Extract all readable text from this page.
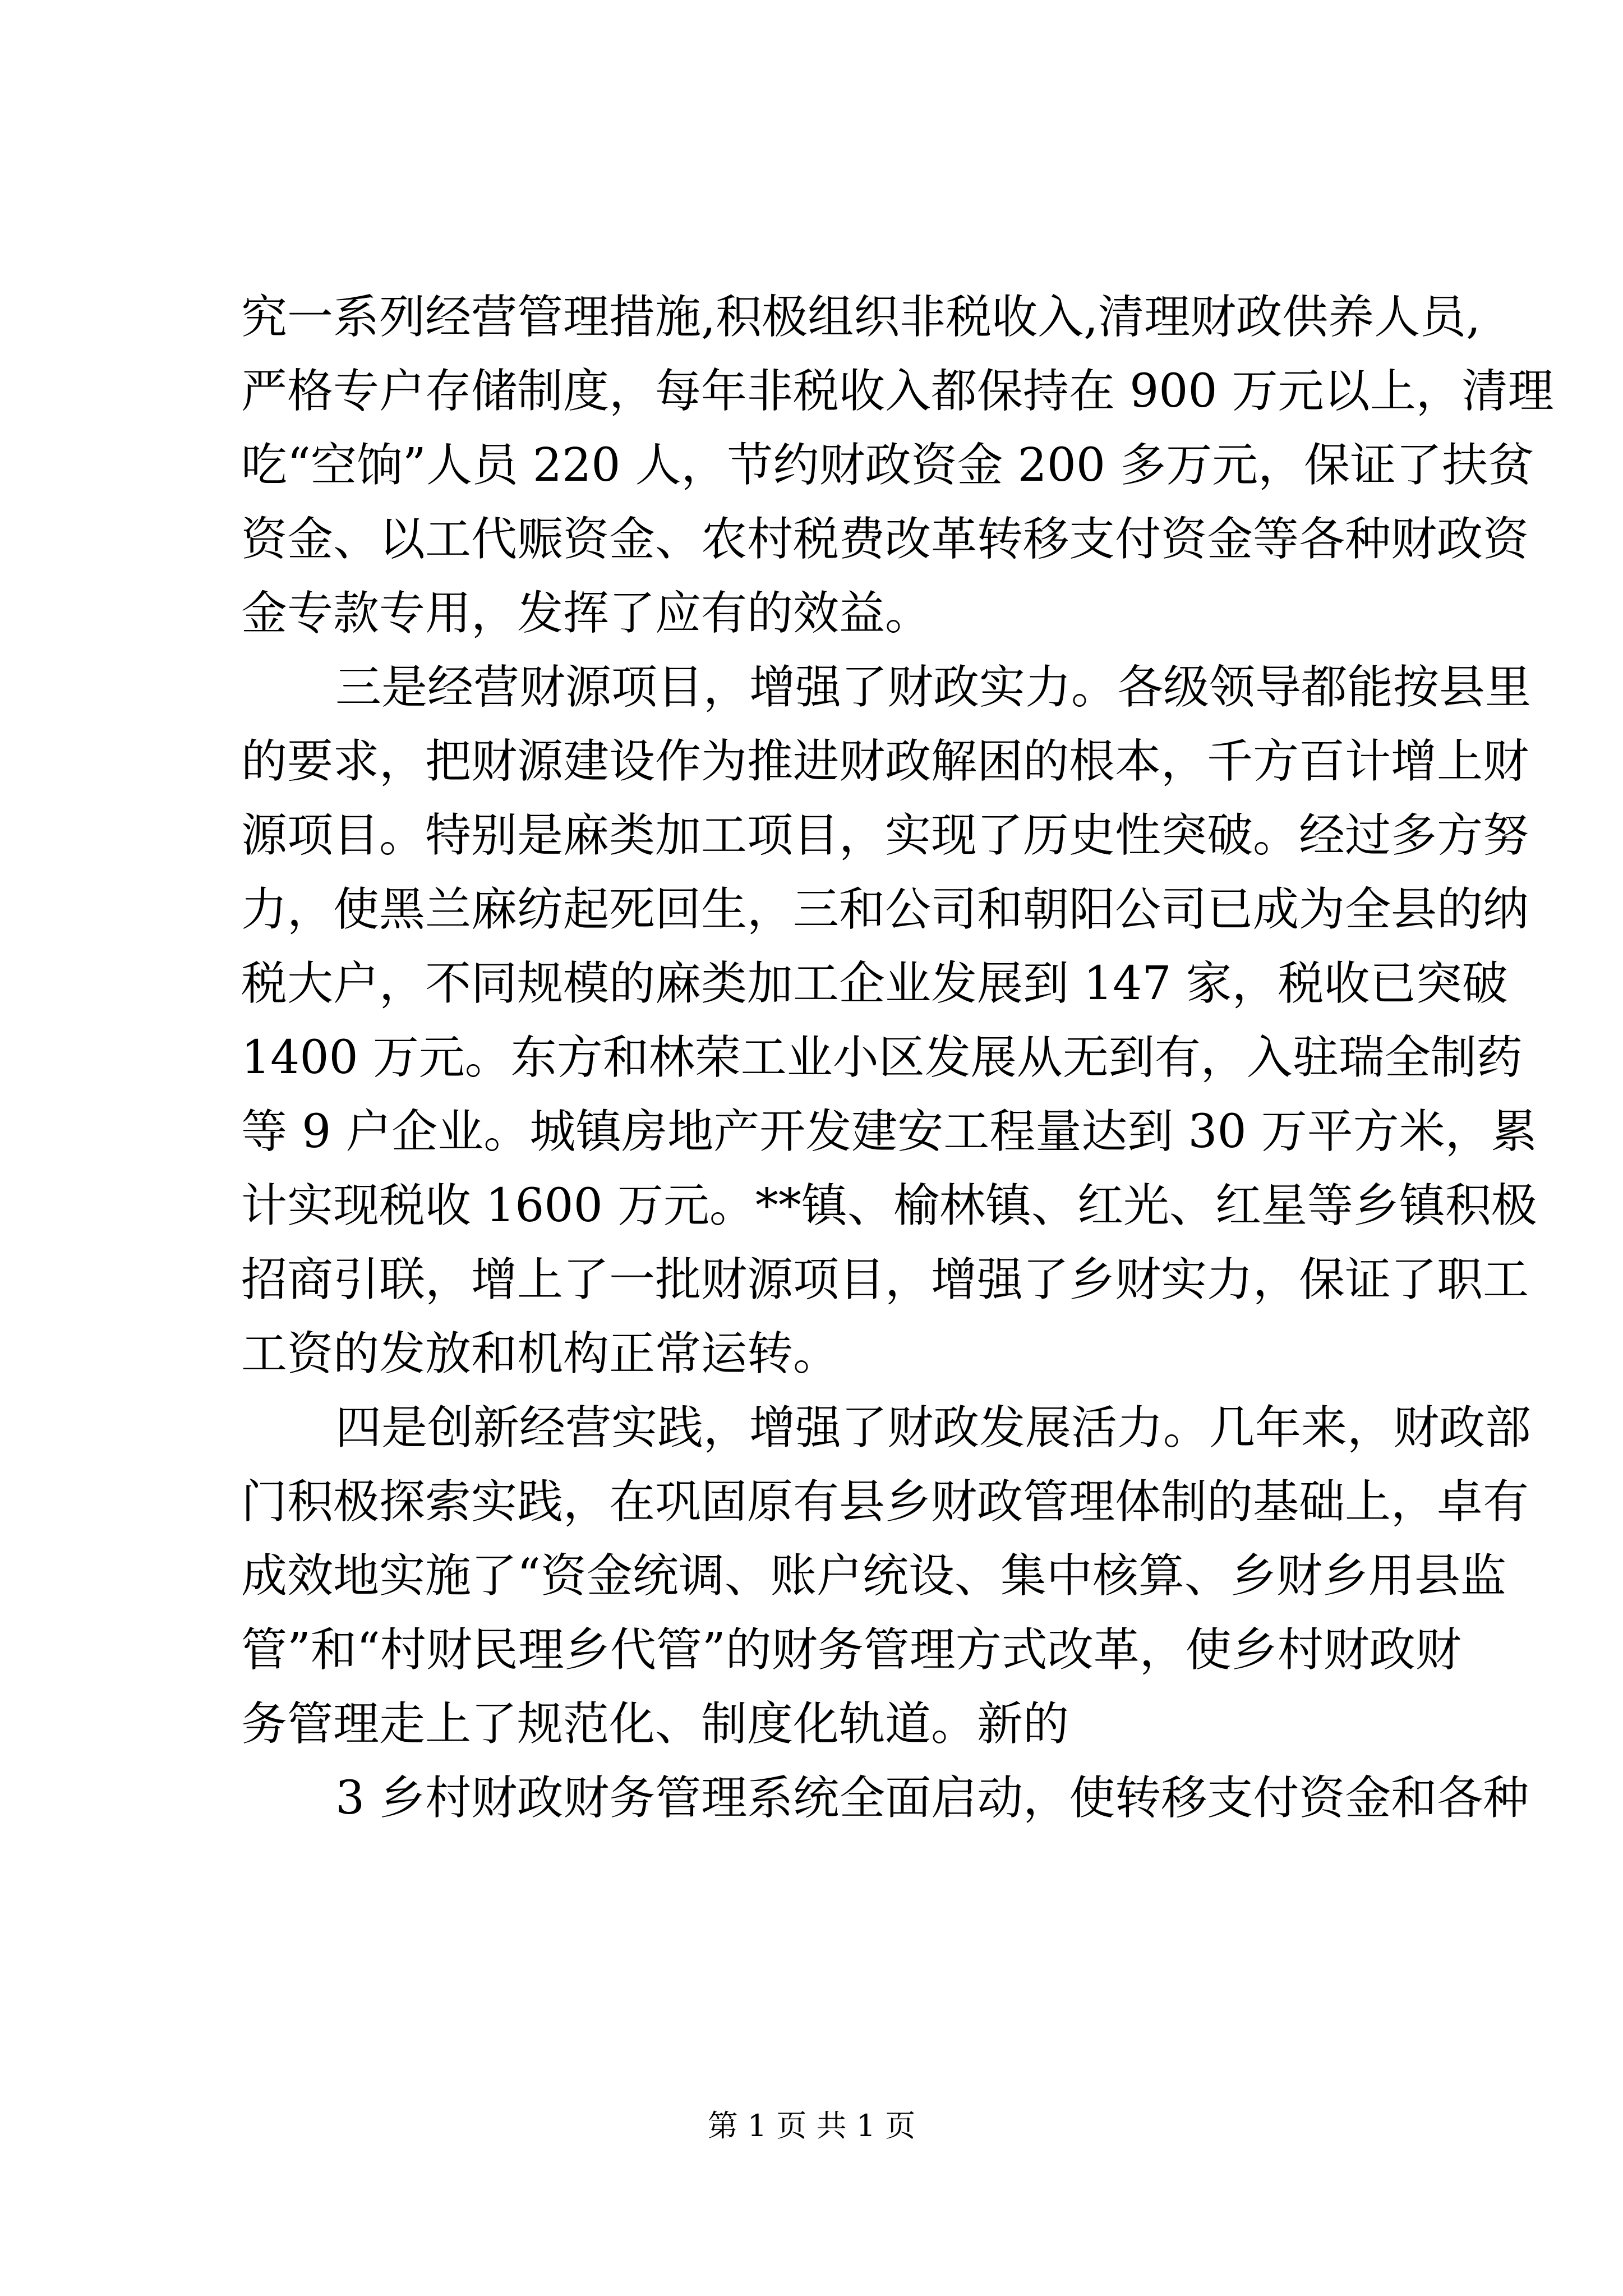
究一系列经营管理措施,积极组织非税收入,清理财政供养人员,
严格专户存储制度，每年非税收入都保持在 900 万元以上，清理
吃“空饷”人员 220 人，节约财政资金 200 多万元，保证了扶贫
资金、以工代赈资金、农村税费改革转移支付资金等各种财政资
金专款专用，发挥了应有的效益。
三是经营财源项目，增强了财政实力。各级领导都能按县里
的要求，把财源建设作为推进财政解困的根本，千方百计增上财
源项目。特别是麻类加工项目，实现了历史性突破。经过多方努
力，使黑兰麻纺起死回生，三和公司和朝阳公司已成为全县的纳
税大户，不同规模的麻类加工企业发展到 147 家，税收已突破
1400 万元。东方和林荣工业小区发展从无到有，入驻瑞全制药
等 9 户企业。城镇房地产开发建安工程量达到 30 万平方米，累
计实现税收 1600 万元。**镇、榆林镇、红光、红星等乡镇积极
招商引联，增上了一批财源项目，增强了乡财实力，保证了职工
工资的发放和机构正常运转。
四是创新经营实践，增强了财政发展活力。几年来，财政部
门积极探索实践，在巩固原有县乡财政管理体制的基础上，卓有
成效地实施了“资金统调、账户统设、集中核算、乡财乡用县监
管”和“村财民理乡代管”的财务管理方式改革，使乡村财政财
务管理走上了规范化、制度化轨道。新的
3 乡村财政财务管理系统全面启动，使转移支付资金和各种
第 1 页 共 1 页
